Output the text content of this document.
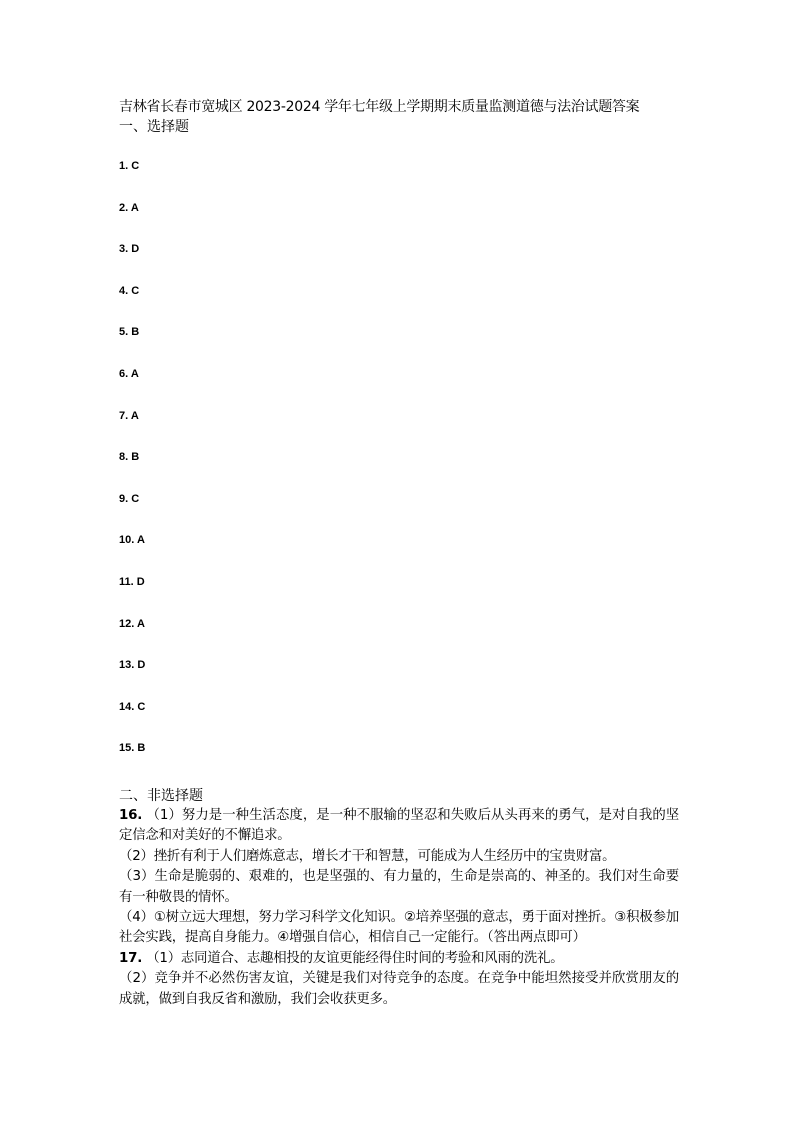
吉林省长春市宽城区 2023-2024 学年七年级上学期期末质量监测道德与法治试题答案
一、选择题
1. C
2. A
3. D
4. C
5. B
6. A
7. A
8. B
9. C
10. A
11. D
12. A
13. D
14. C
15. B
二、非选择题
16. （1）努力是一种生活态度，是一种不服输的坚忍和失败后从头再来的勇气，是对自我的坚定信念和对美好的不懈追求。
（2）挫折有利于人们磨炼意志，增长才干和智慧，可能成为人生经历中的宝贵财富。
（3）生命是脆弱的、艰难的，也是坚强的、有力量的，生命是崇高的、神圣的。我们对生命要有一种敬畏的情怀。
（4）①树立远大理想，努力学习科学文化知识。②培养坚强的意志，勇于面对挫折。③积极参加社会实践，提高自身能力。④增强自信心，相信自己一定能行。（答出两点即可）
17. （1）志同道合、志趣相投的友谊更能经得住时间的考验和风雨的洗礼。
（2）竞争并不必然伤害友谊，关键是我们对待竞争的态度。在竞争中能坦然接受并欣赏朋友的成就，做到自我反省和激励，我们会收获更多。
